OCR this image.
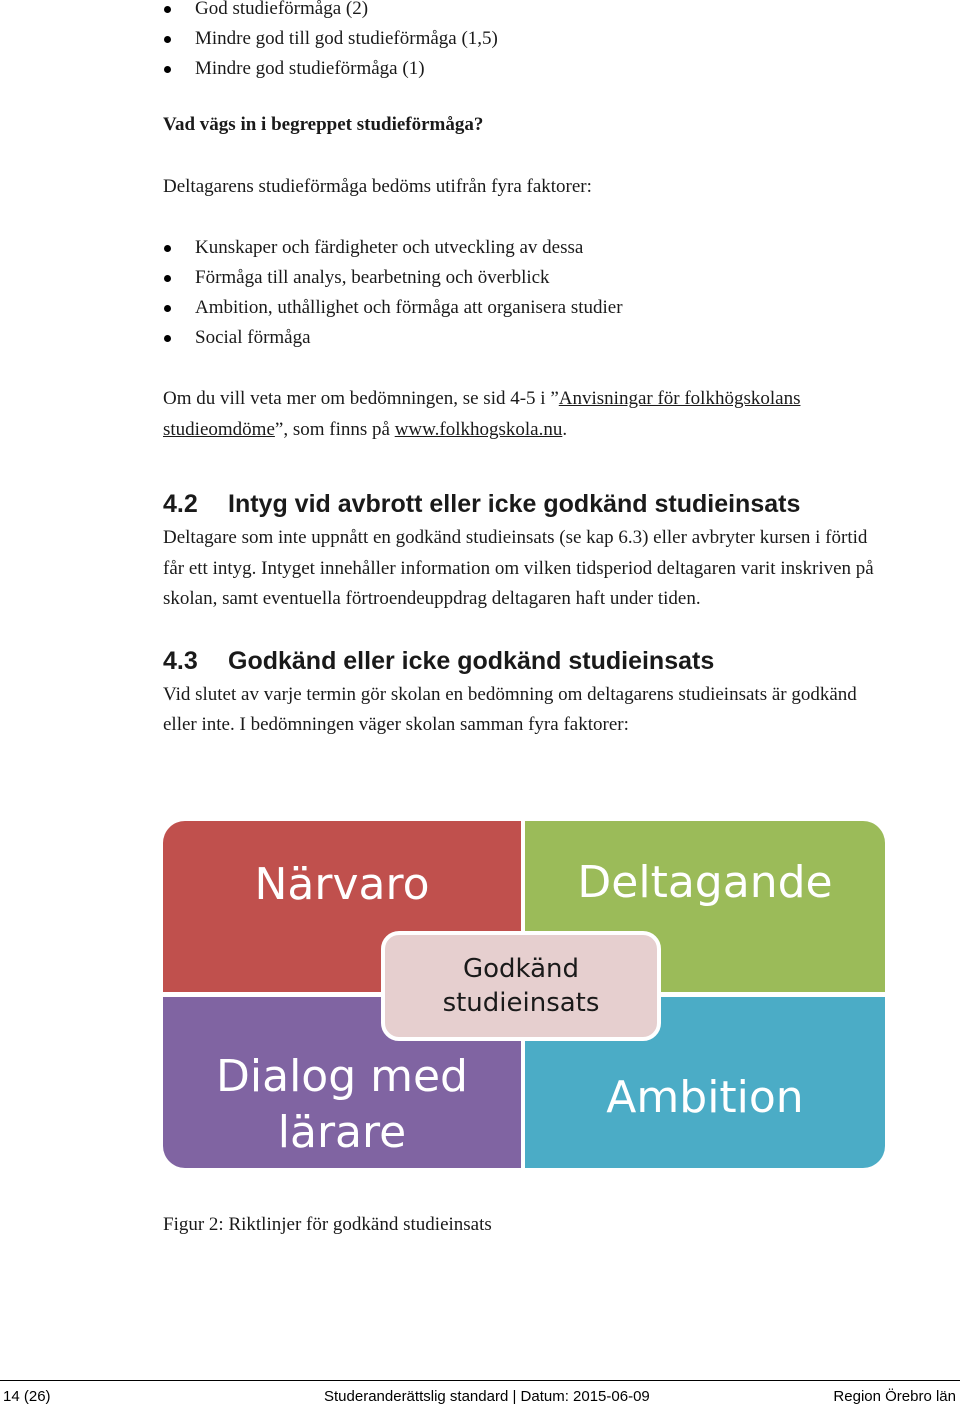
God studieförmåga (2)
Mindre god till god studieförmåga (1,5)
Mindre god studieförmåga (1)

Vad vägs in i begreppet studieförmåga?

Deltagarens studieförmåga bedöms utifrån fyra faktorer:

Kunskaper och färdigheter och utveckling av dessa
Förmåga till analys, bearbetning och överblick
Ambition, uthållighet och förmåga att organisera studier
Social förmåga

Om du vill veta mer om bedömningen, se sid 4-5 i ”Anvisningar för folkhögskolans studieomdöme”, som finns på www.folkhogskola.nu.

4.2 Intyg vid avbrott eller icke godkänd studieinsats

Deltagare som inte uppnått en godkänd studieinsats (se kap 6.3) eller avbryter kursen i förtid får ett intyg. Intyget innehåller information om vilken tidsperiod deltagaren varit inskriven på skolan, samt eventuella förtroendeuppdrag deltagaren haft under tiden.

4.3 Godkänd eller icke godkänd studieinsats

Vid slutet av varje termin gör skolan en bedömning om deltagarens studieinsats är godkänd eller inte. I bedömningen väger skolan samman fyra faktorer:

Närvaro	Deltagande
Dialog med lärare
Ambition
Godkänd studieinsats

Figur 2: Riktlinjer för godkänd studieinsats

14 (26)	Studeranderättslig standard | Datum: 2015-06-09	Region Örebro län
